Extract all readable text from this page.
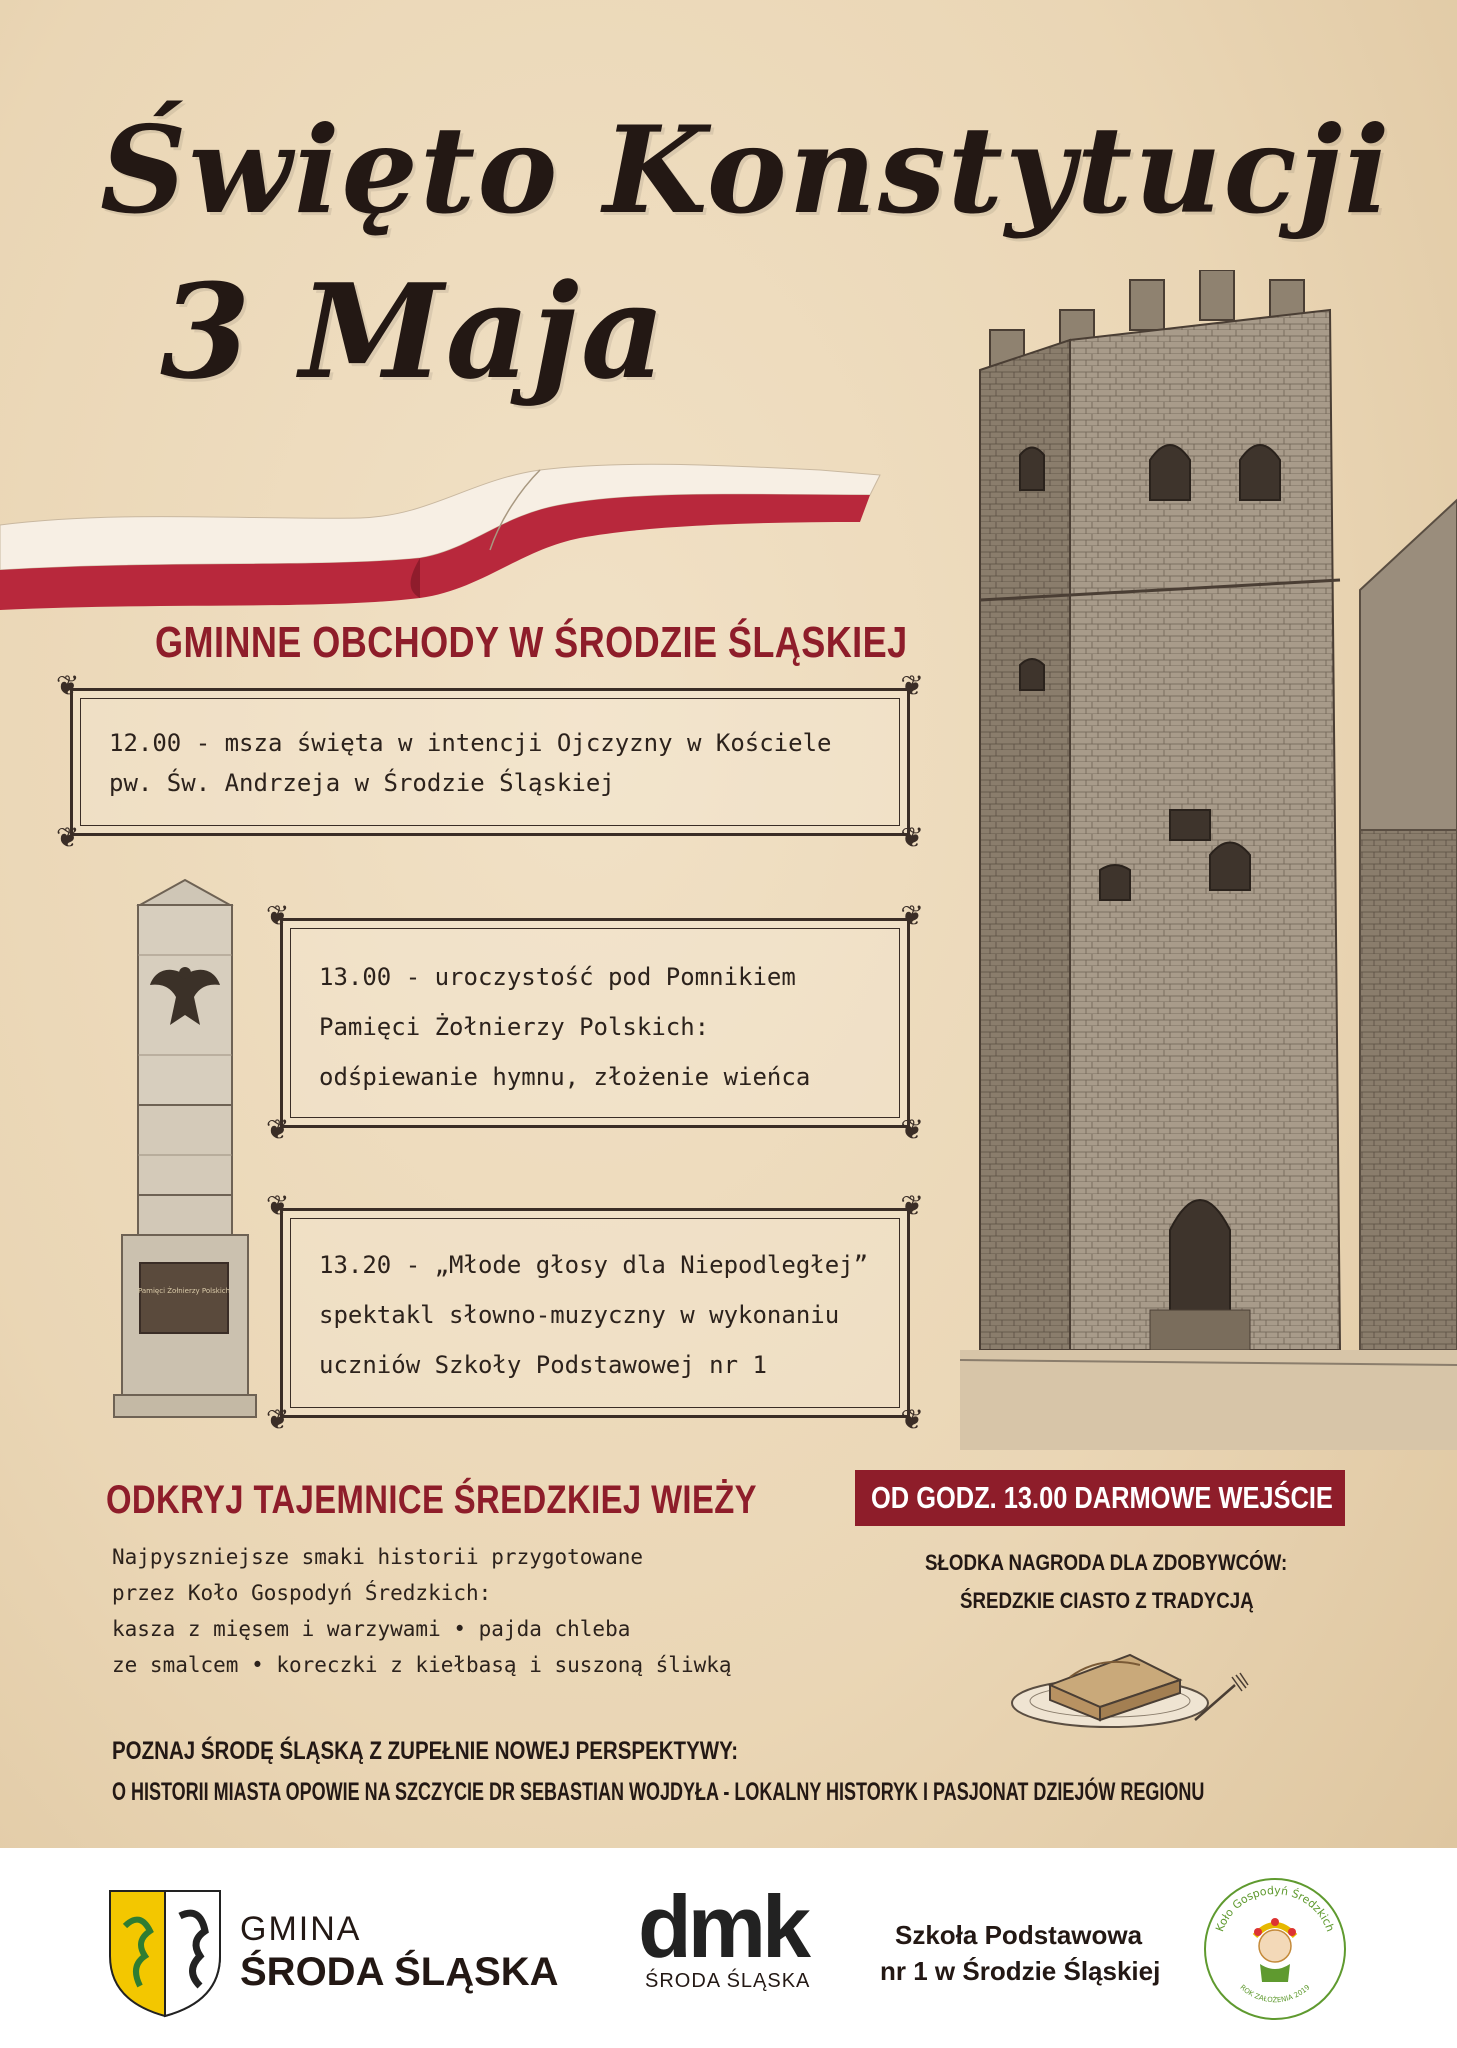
Święto Konstytucji
3 Maja
GMINNE OBCHODY W ŚRODZIE ŚLĄSKIEJ
❦	❦
❦	❦
12.00 - msza święta w intencji Ojczyzny w Kościele
pw. Św. Andrzeja w Środzie Śląskiej
Pamięci Żołnierzy Polskich
❦	❦
❦	❦
13.00 - uroczystość pod Pomnikiem
Pamięci Żołnierzy Polskich:
odśpiewanie hymnu, złożenie wieńca
❦	❦
❦	❦
13.20 - „Młode głosy dla Niepodległej”
spektakl słowno-muzyczny w wykonaniu
uczniów Szkoły Podstawowej nr 1
ODKRYJ TAJEMNICE ŚREDZKIEJ WIEŻY	OD GODZ. 13.00 DARMOWE WEJŚCIE
Najpyszniejsze smaki historii przygotowane
przez Koło Gospodyń Średzkich:
kasza z mięsem i warzywami • pajda chleba
ze smalcem • koreczki z kiełbasą i suszoną śliwką
SŁODKA NAGRODA DLA ZDOBYWCÓW:
ŚREDZKIE CIASTO Z TRADYCJĄ
POZNAJ ŚRODĘ ŚLĄSKĄ Z ZUPEŁNIE NOWEJ PERSPEKTYWY:
O HISTORII MIASTA OPOWIE NA SZCZYCIE DR SEBASTIAN WOJDYŁA - LOKALNY HISTORYK I PASJONAT DZIEJÓW REGIONU
GMINA
ŚRODA ŚLĄSKA dmk
ŚRODA ŚLĄSKA
Szkoła Podstawowa
nr 1 w Środzie Śląskiej
Koło Gospodyń Średzkich
ROK ZAŁOŻENIA 2019
